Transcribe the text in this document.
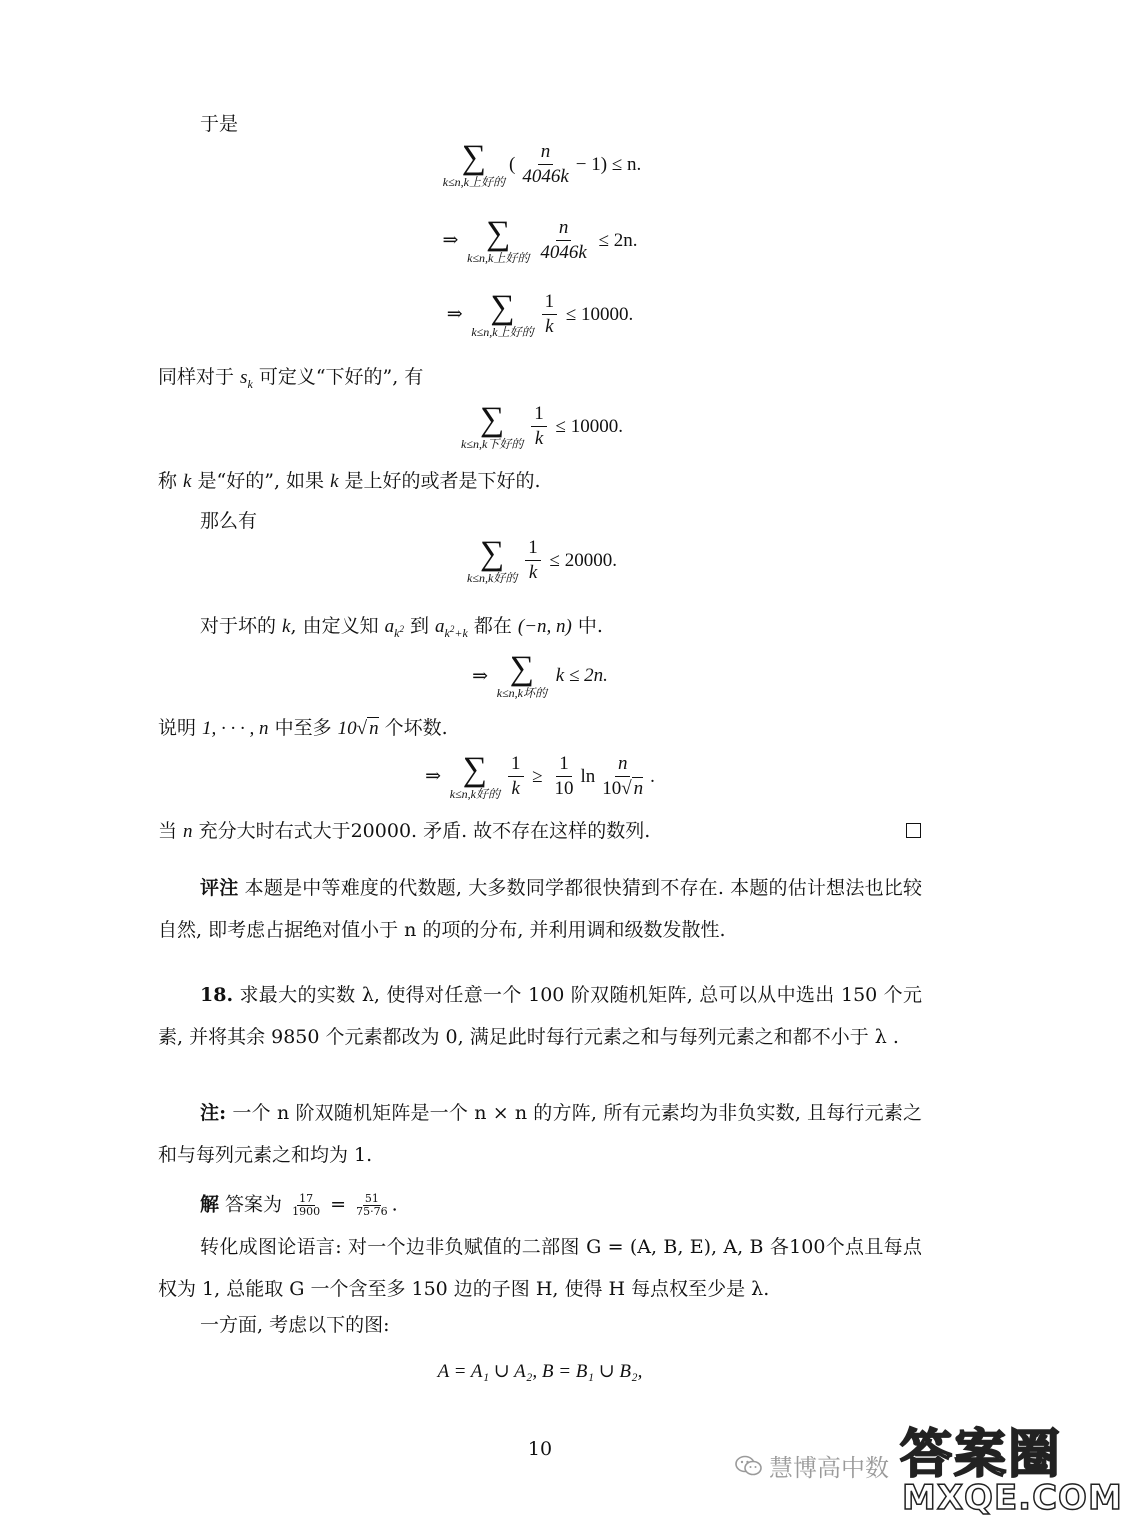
于是
∑
k≤n,k上好的
( $\frac{n}{4046k} - 1$)
≤ n.
⇒
∑
k≤n,k上好的 $\frac{n}{4046k}$
≤ 2n.
⇒
∑
k≤n,k上好的 $\frac{1}{k}$
≤ 10000.
同样对于 $s_k$ 可定义“下好的”, 有
∑
k≤n,k下好的 $\frac{1}{k}$
≤ 10000.
称 k 是“好的”, 如果 k 是上好的或者是下好的.
那么有
∑
k≤n,k好的 $\frac{1}{k}$
≤ 20000.
对于坏的 k, 由定义知 $a_{k^2}$ 到 $a_{k^2+k}$ 都在 (−n, n) 中.
⇒
∑
k≤n,k坏的

k ≤ 2n.
说明 1, · · · , n 中至多 10√ n 个坏数.
⇒
∑
k≤n,k好的 $\frac{1}{k}$
≥
$\frac{1}{10}$ $\ln \frac{n}{10√ n}$ .
当 n 充分大时右式大于20000. 矛盾. 故不存在这样的数列.
评注 本题是中等难度的代数题, 大多数同学都很快猜到不存在. 本题的估计想法也比较自然, 即考虑占据绝对值小于 n 的项的分布, 并利用调和级数发散性.
18. 求最大的实数 λ, 使得对任意一个 100 阶双随机矩阵, 总可以从中选出 150 个元素, 并将其余 9850 个元素都改为 0, 满足此时每行元素之和与每列元素之和都不小于 λ .
注: 一个 n 阶双随机矩阵是一个 n × n 的方阵, 所有元素均为非负实数, 且每行元素之和与每列元素之和均为 1.
解 答案为 $\frac{17}{1900} = \frac{51}{75\cdot 76}$ .
转化成图论语言: 对一个边非负赋值的二部图 G = (A, B, E), A, B 各100个点且每点权为 1, 总能取 G 一个含至多 150 边的子图 H, 使得 H 每点权至少是 λ.
一方面, 考虑以下的图:
A = A₁ ∪ A₂, B = B₁ ∪ B₂,
10
慧博高中数 答案圈
MXQE.COM
